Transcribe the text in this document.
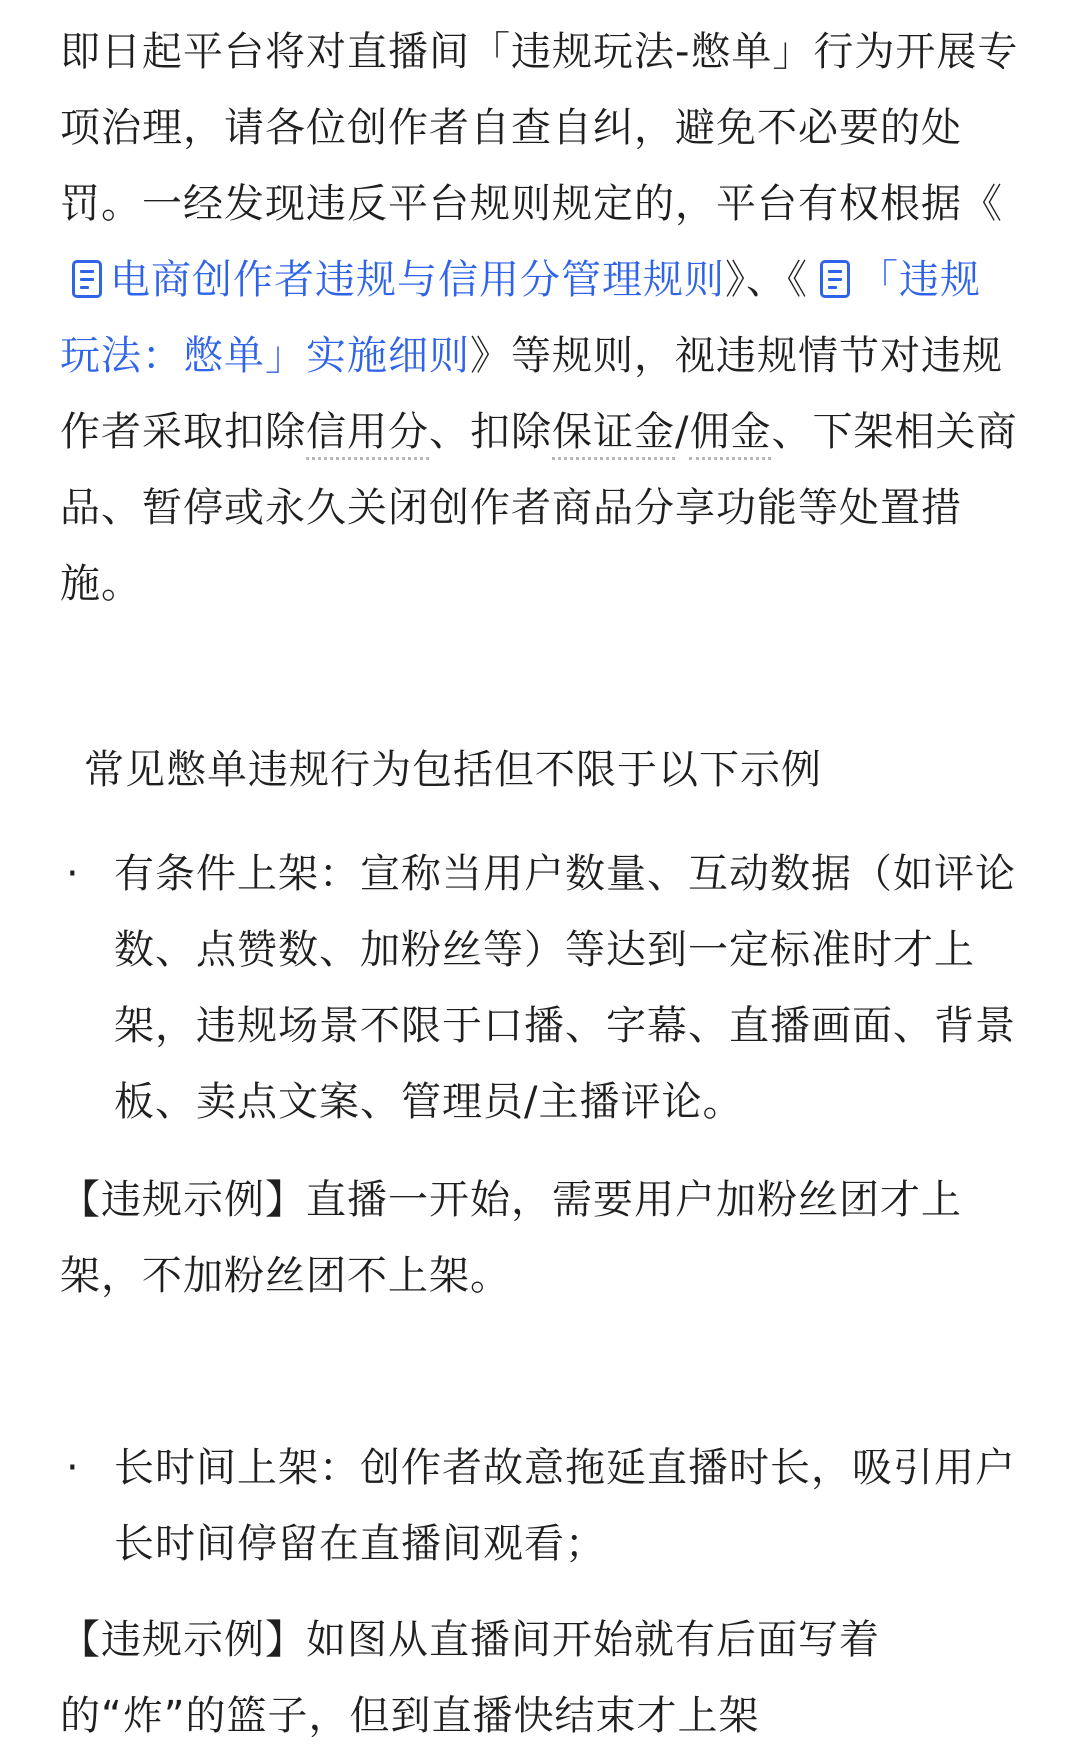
即日起平台将对直播间「违规玩法-憋单」行为开展专项治理，请各位创作者自查自纠，避免不必要的处罚。一经发现违反平台规则规定的，平台有权根据《
电商创作者违规与信用分管理规则》、《 「违规玩法：憋单」实施细则》等规则，视违规情节对违规作者采取扣除信用分、扣除保证金/佣金、下架相关商品、暂停或永久关闭创作者商品分享功能等处置措施。

常见憋单违规行为包括但不限于以下示例

· 有条件上架：宣称当用户数量、互动数据（如评论数、点赞数、加粉丝等）等达到一定标准时才上架，违规场景不限于口播、字幕、直播画面、背景板、卖点文案、管理员/主播评论。

【违规示例】直播一开始，需要用户加粉丝团才上架，不加粉丝团不上架。

· 长时间上架：创作者故意拖延直播时长，吸引用户长时间停留在直播间观看；

【违规示例】如图从直播间开始就有后面写着的“炸”的篮子，但到直播快结束才上架
